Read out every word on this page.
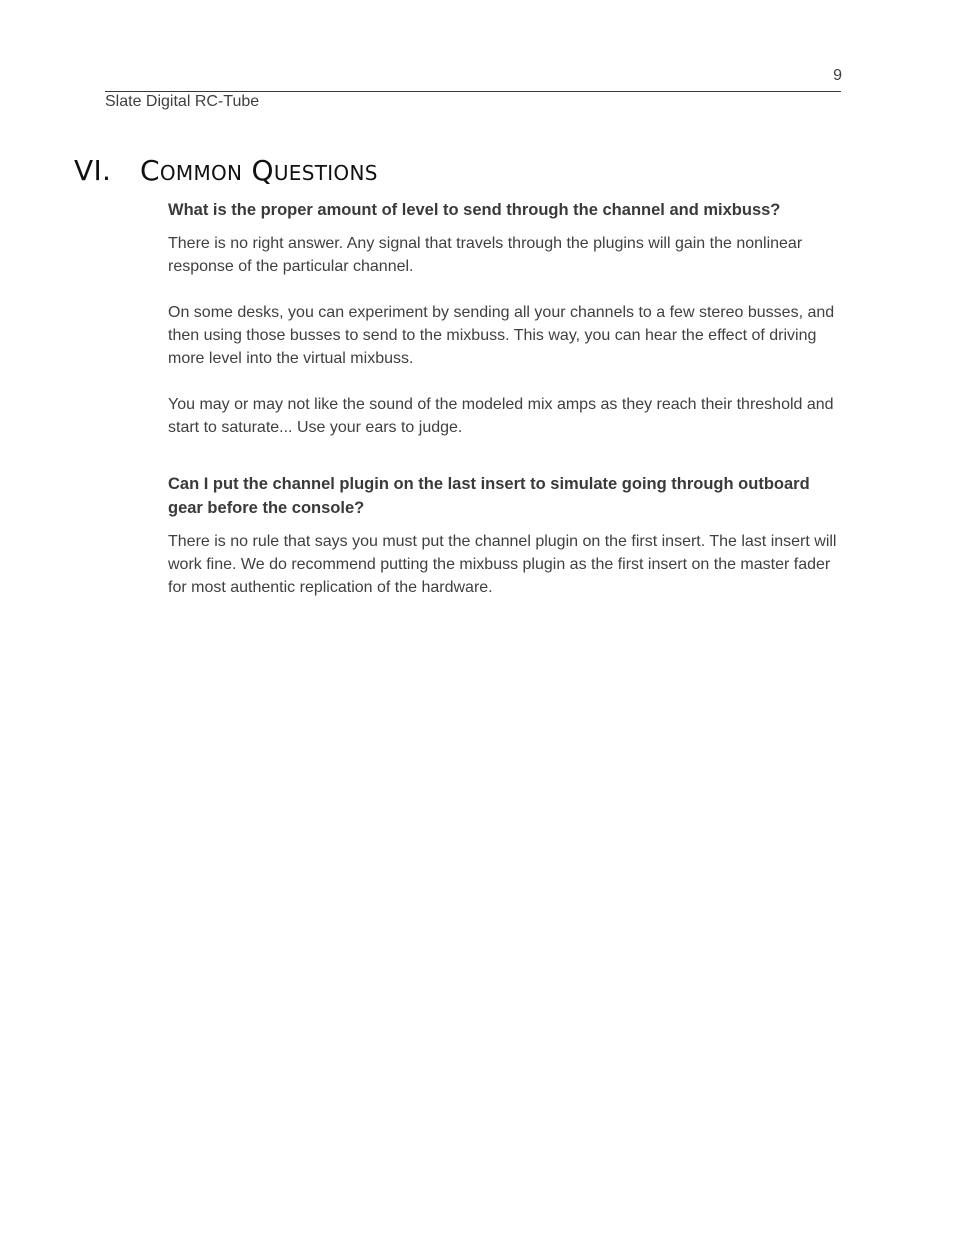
9
Slate Digital RC-Tube
VI. Common Questions

What is the proper amount of level to send through the channel and mixbuss?

There is no right answer. Any signal that travels through the plugins will gain the nonlinear response of the particular channel.

On some desks, you can experiment by sending all your channels to a few stereo busses, and then using those busses to send to the mixbuss. This way, you can hear the effect of driving more level into the virtual mixbuss.

You may or may not like the sound of the modeled mix amps as they reach their threshold and start to saturate... Use your ears to judge.

Can I put the channel plugin on the last insert to simulate going through outboard gear before the console?

There is no rule that says you must put the channel plugin on the first insert. The last insert will work fine. We do recommend putting the mixbuss plugin as the first insert on the master fader for most authentic replication of the hardware.
